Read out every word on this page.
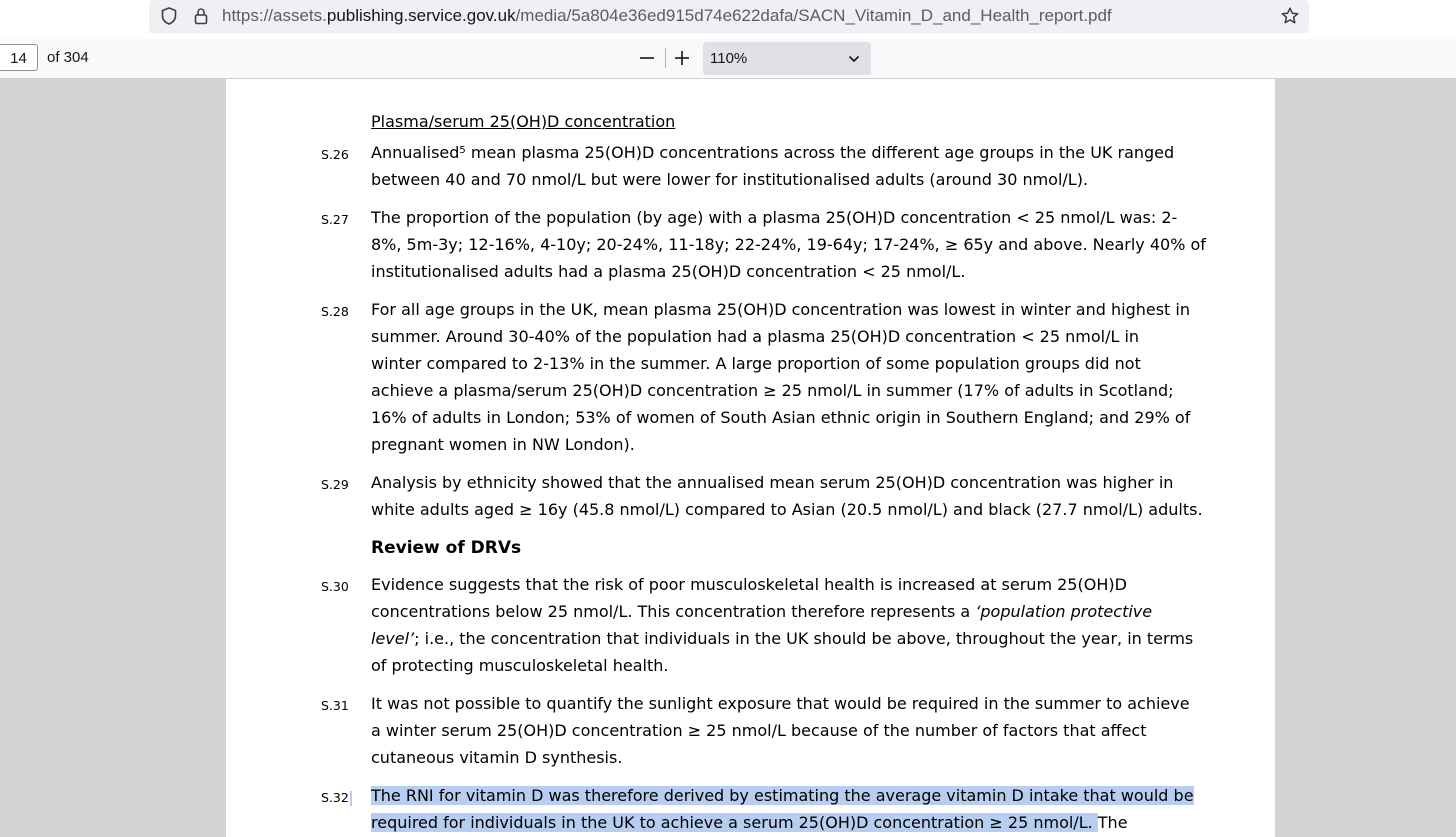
https://assets.publishing.service.gov.uk/media/5a804e36ed915d74e622dafa/SACN_Vitamin_D_and_Health_report.pdf
14	of 304	110%
Plasma/serum 25(OH)D concentration
S.26 Annualised$^5$ mean plasma 25(OH)D concentrations across the different age groups in the UK ranged
between 40 and 70 nmol/L but were lower for institutionalised adults (around 30 nmol/L).
S.27 The proportion of the population (by age) with a plasma 25(OH)D concentration < 25 nmol/L was: 2-
8%, 5m-3y; 12-16%, 4-10y; 20-24%, 11-18y; 22-24%, 19-64y; 17-24%, ≥ 65y and above. Nearly 40% of
institutionalised adults had a plasma 25(OH)D concentration < 25 nmol/L.
S.28 For all age groups in the UK, mean plasma 25(OH)D concentration was lowest in winter and highest in
summer. Around 30-40% of the population had a plasma 25(OH)D concentration < 25 nmol/L in
winter compared to 2-13% in the summer. A large proportion of some population groups did not
achieve a plasma/serum 25(OH)D concentration ≥ 25 nmol/L in summer (17% of adults in Scotland;
16% of adults in London; 53% of women of South Asian ethnic origin in Southern England; and 29% of
pregnant women in NW London).
S.29 Analysis by ethnicity showed that the annualised mean serum 25(OH)D concentration was higher in
white adults aged ≥ 16y (45.8 nmol/L) compared to Asian (20.5 nmol/L) and black (27.7 nmol/L) adults.
Review of DRVs
S.30 Evidence suggests that the risk of poor musculoskeletal health is increased at serum 25(OH)D
concentrations below 25 nmol/L. This concentration therefore represents a ‘population protective
level’; i.e., the concentration that individuals in the UK should be above, throughout the year, in terms
of protecting musculoskeletal health.
S.31 It was not possible to quantify the sunlight exposure that would be required in the summer to achieve
a winter serum 25(OH)D concentration ≥ 25 nmol/L because of the number of factors that affect
cutaneous vitamin D synthesis.
S.32 The RNI for vitamin D was therefore derived by estimating the average vitamin D intake that would be
required for individuals in the UK to achieve a serum 25(OH)D concentration ≥ 25 nmol/L. The
